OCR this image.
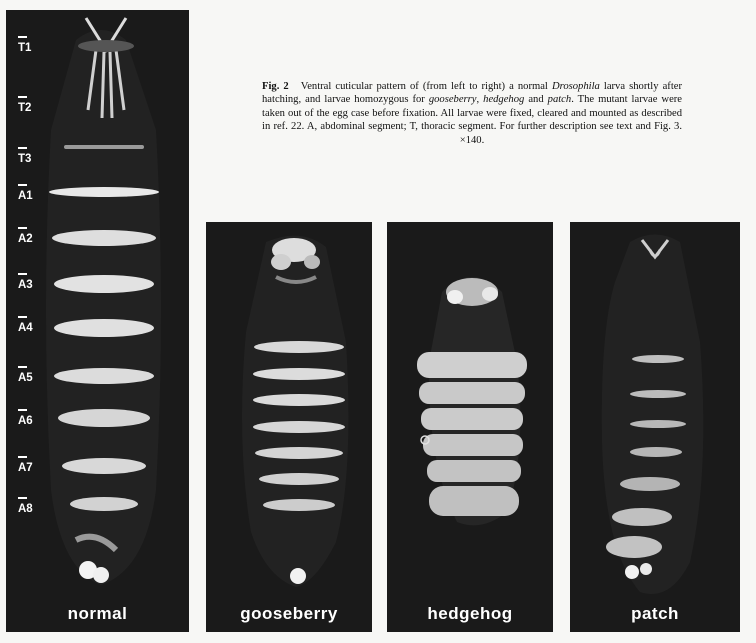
T1
T2
T3
A1
A2
A3
A4
A5
A6
A7
A8
normal	gooseberry	hedgehog	patch
Fig. 2 Ventral cuticular pattern of (from left to right) a normal Drosophila larva shortly after hatching, and larvae homozygous for gooseberry, hedgehog and patch. The mutant larvae were taken out of the egg case before fixation. All larvae were fixed, cleared and mounted as described in ref. 22. A, abdominal segment; T, thoracic segment. For further description see text and Fig. 3. ×140.
